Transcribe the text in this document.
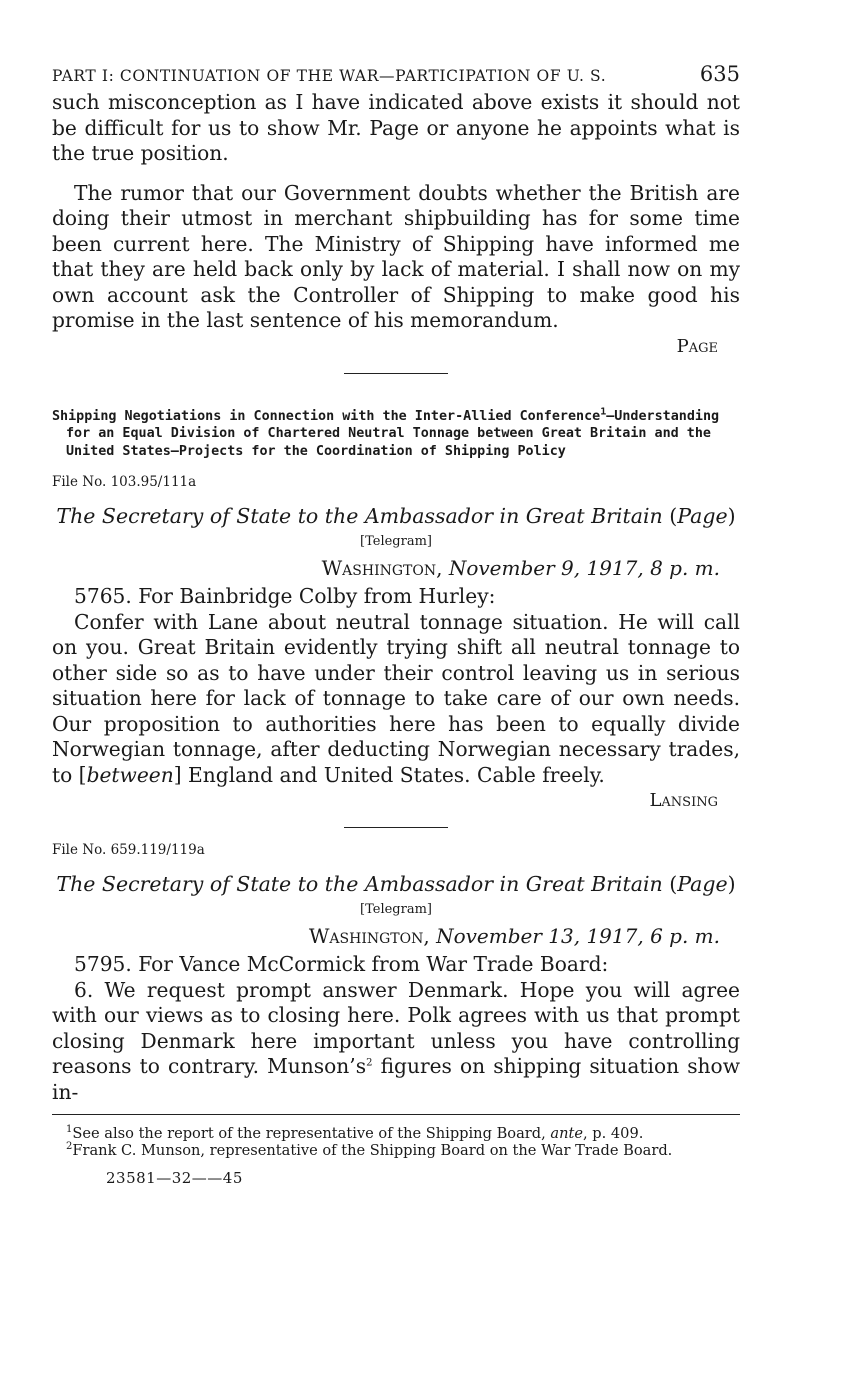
PART I: CONTINUATION OF THE WAR—PARTICIPATION OF U. S.	635

such misconception as I have indicated above exists it should not be difficult for us to show Mr. Page or anyone he appoints what is the true position.

The rumor that our Government doubts whether the British are doing their utmost in merchant shipbuilding has for some time been current here. The Ministry of Shipping have informed me that they are held back only by lack of material. I shall now on my own account ask the Controller of Shipping to make good his promise in the last sentence of his memorandum.

Page
Shipping Negotiations in Connection with the Inter-Allied Conference$^1$—Understanding for an Equal Division of Chartered Neutral Tonnage between Great Britain and the United States—Projects for the Coordination of Shipping Policy
File No. 103.95/111a
The Secretary of State to the Ambassador in Great Britain (Page)
[Telegram]
Washington, November 9, 1917, 8 p. m.

5765. For Bainbridge Colby from Hurley:

Confer with Lane about neutral tonnage situation. He will call on you. Great Britain evidently trying shift all neutral tonnage to other side so as to have under their control leaving us in serious situation here for lack of tonnage to take care of our own needs. Our proposition to authorities here has been to equally divide Norwegian tonnage, after deducting Norwegian necessary trades, to [between] England and United States. Cable freely.

Lansing
File No. 659.119/119a
The Secretary of State to the Ambassador in Great Britain (Page)
[Telegram]
Washington, November 13, 1917, 6 p. m.

5795. For Vance McCormick from War Trade Board:

6. We request prompt answer Denmark. Hope you will agree with our views as to closing here. Polk agrees with us that prompt closing Denmark here important unless you have controlling reasons to contrary. $Munson’s^2$ figures on shipping situation show in-

$^1$See also the report of the representative of the Shipping Board, ante, p. 409.

$^2$Frank C. Munson, representative of the Shipping Board on the War Trade Board.

23581—32——45
